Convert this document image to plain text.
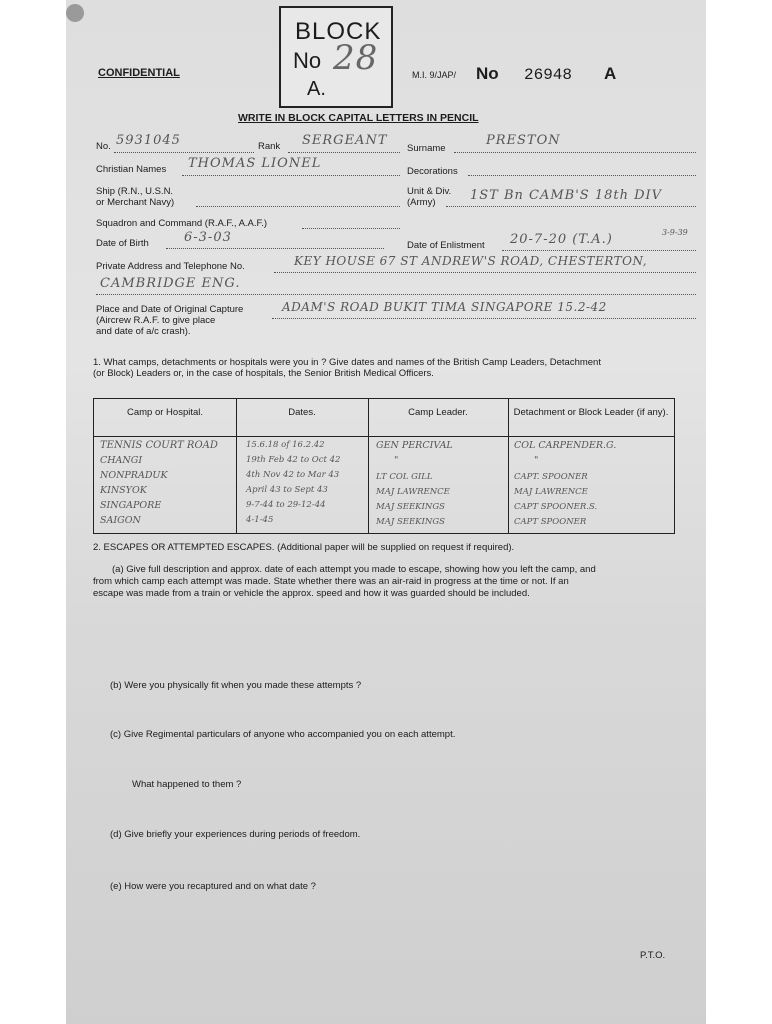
BLOCK
No 28
A.
CONFIDENTIAL	M.I. 9/JAP/ No 26948 A
WRITE IN BLOCK CAPITAL LETTERS IN PENCIL
No. 5931045	Rank SERGEANT
Surname
PRESTON
Christian Names THOMAS LIONEL
Decorations
Ship (R.N., U.S.N.
or Merchant Navy)
Unit & Div.
(Army)	1ST Bn CAMB'S 18th DIV
Squadron and Command (R.A.F., A.A.F.)
Date of Birth	6-3-03
Date of Enlistment 20-7-20 (T.A.)	3-9-39
Private Address and Telephone No.	KEY HOUSE 67 ST ANDREW'S ROAD, CHESTERTON,
CAMBRIDGE ENG.
Place and Date of Original Capture
(Aircrew R.A.F. to give place
and date of a/c crash).
ADAM'S ROAD BUKIT TIMA SINGAPORE 15.2-42
1. What camps, detachments or hospitals were you in ? Give dates and names of the British Camp Leaders, Detachment
(or Block) Leaders or, in the case of hospitals, the Senior British Medical Officers.
Camp or Hospital.	Dates.	Camp Leader.	Detachment or Block Leader (if any).
TENNIS COURT ROAD	15.6.18 of 16.2.42	GEN PERCIVAL	COL CARPENDER.G.
CHANGI	19th Feb 42 to Oct 42	"	"
NONPRADUK	4th Nov 42 to Mar 43	LT COL GILL	CAPT. SPOONER
KINSYOK	April 43 to Sept 43	MAJ LAWRENCE	MAJ LAWRENCE
SINGAPORE	9-7-44 to 29-12-44	MAJ SEEKINGS	CAPT SPOONER.S.
SAIGON	4-1-45	MAJ SEEKINGS	CAPT SPOONER
2. ESCAPES OR ATTEMPTED ESCAPES. (Additional paper will be supplied on request if required).
(a) Give full description and approx. date of each attempt you made to escape, showing how you left the camp, and
from which camp each attempt was made. State whether there was an air-raid in progress at the time or not. If an
escape was made from a train or vehicle the approx. speed and how it was guarded should be included.
(b) Were you physically fit when you made these attempts ?
(c) Give Regimental particulars of anyone who accompanied you on each attempt.
What happened to them ?
(d) Give briefly your experiences during periods of freedom.
(e) How were you recaptured and on what date ?
P.T.O.
